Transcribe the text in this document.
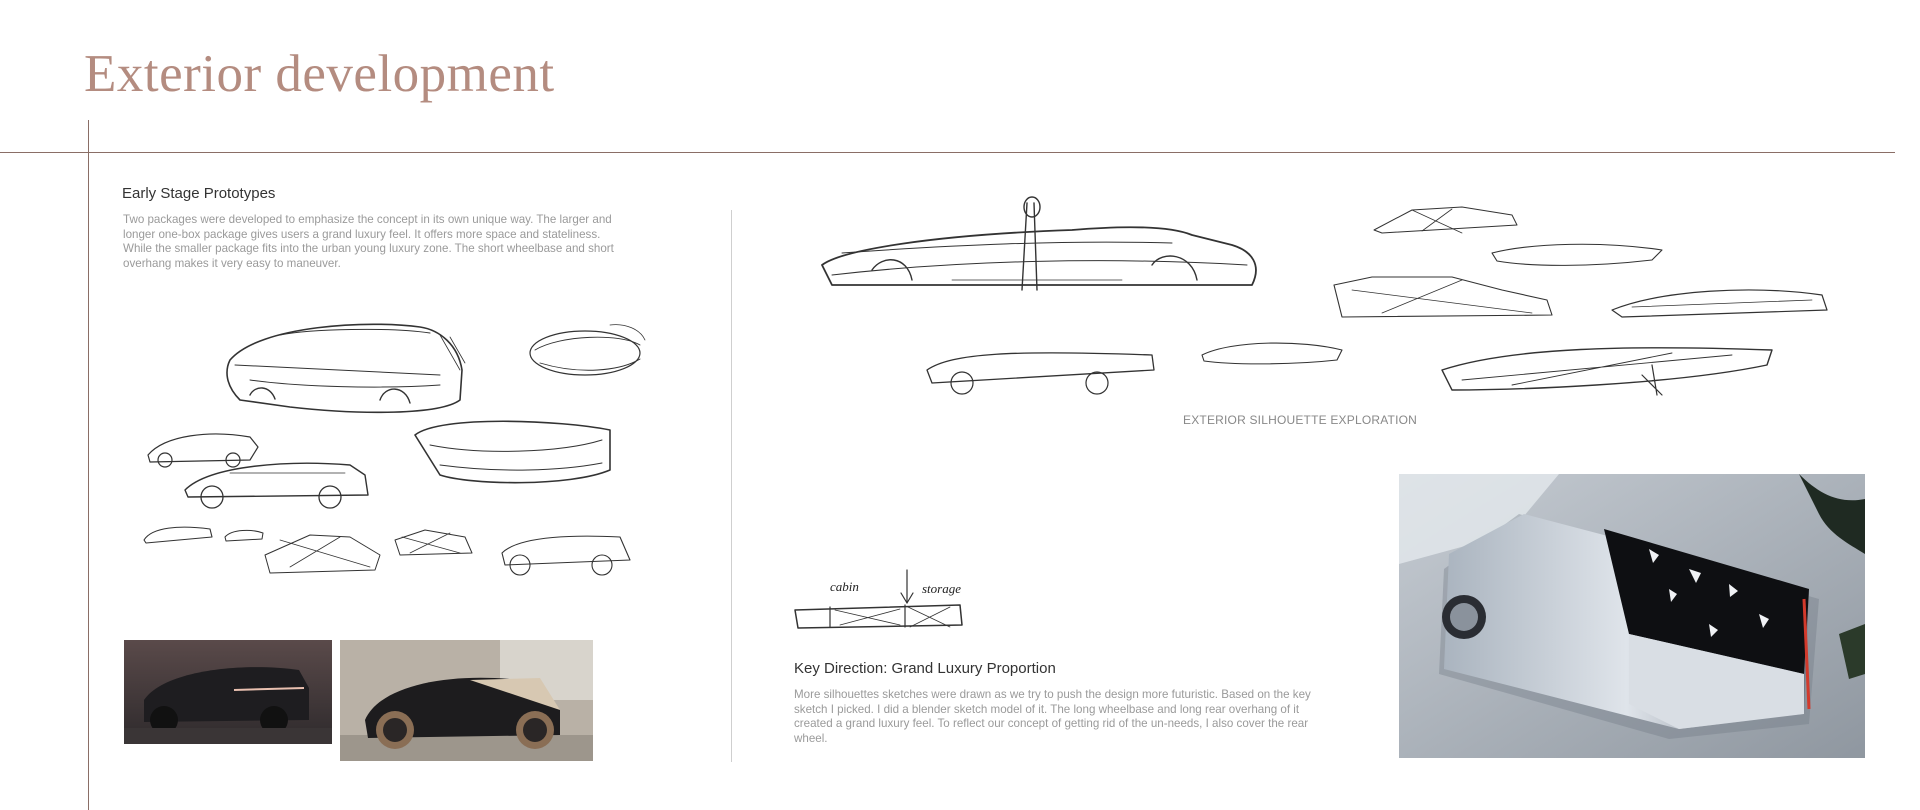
Exterior development
Early Stage Prototypes

Two packages were developed to emphasize the concept in its own unique way. The larger and longer one-box package gives users a grand luxury feel. It offers more space and stateliness. While the smaller package fits into the urban young luxury zone. The short wheelbase and short overhang makes it very easy to maneuver.

EXTERIOR SILHOUETTE EXPLORATION
cabin	storage
Key Direction: Grand Luxury Proportion

More silhouettes sketches were drawn as we try to push the design more futuristic. Based on the key sketch I picked. I did a blender sketch model of it. The long wheelbase and long rear overhang of it created a grand luxury feel. To reflect our concept of getting rid of the un-needs, I also cover the rear wheel.
